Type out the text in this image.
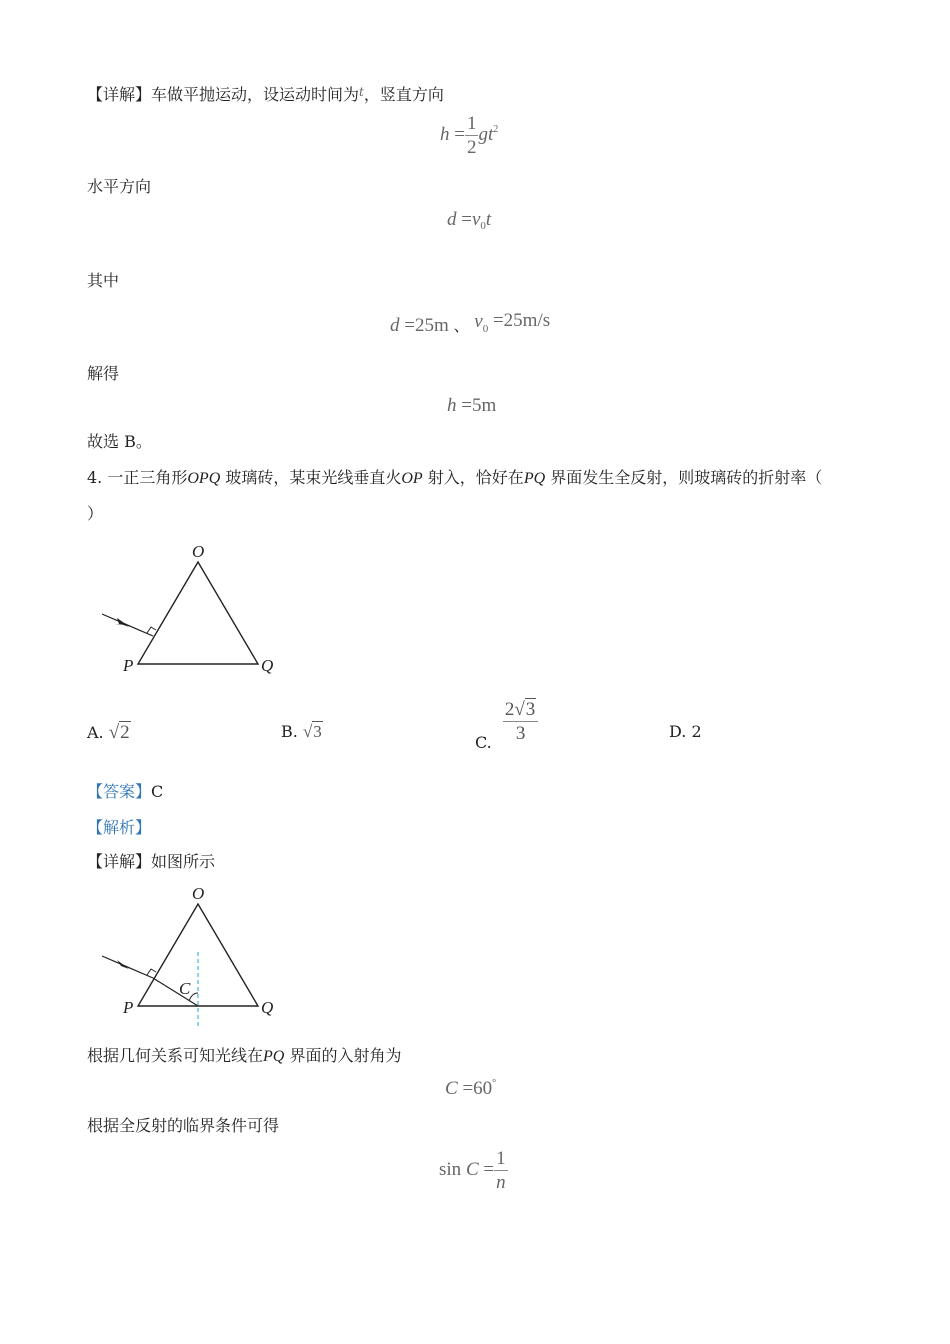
【详解】车做平抛运动，设运动时间为$^t$，竖直方向
$h = \frac{1}{2} gt^2$
水平方向
$d =v_0t$
其中
d =25m 、 v0 =25m/s
解得
h =5m
故选 B。
4. 一正三角形OPQ 玻璃砖，某束光线垂直火OP 射入，恰好在PQ 界面发生全反射，则玻璃砖的折射率（
）
O
P	Q
A. √2	B. √3
C. $\frac{2√3}{3}$	D. 2
【答案】C
【解析】
【详解】如图所示
O
P	Q
C
根据几何关系可知光线在PQ 界面的入射角为
C =60°
根据全反射的临界条件可得
$\sin C = \frac{1}{n}$
